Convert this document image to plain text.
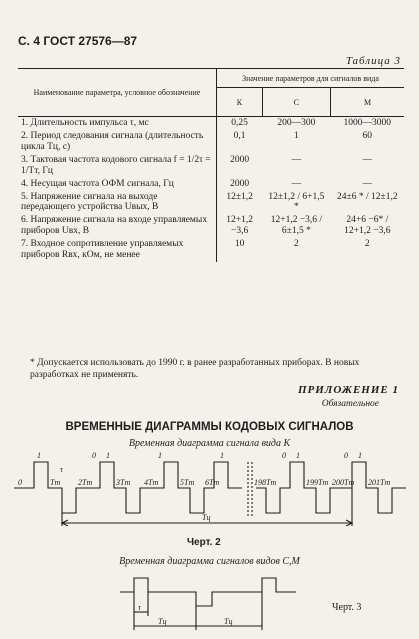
С. 4 ГОСТ 27576—87
Таблица 3
Наименование параметра, условное обозначение	Значение параметров для сигналов вида		
	К	С	М
1. Длительность импульса τ, мс	0,25	200—300	1000—3000
2. Период следования сигнала (длительность цикла Tц, с)	0,1	1	60
3. Тактовая частота кодового сигнала f = 1/2τ = 1/Tт, Гц	2000	—	—
4. Несущая частота ОФМ сигнала, Гц	2000	—	—
5. Напряжение сигнала на выходе передающего устройства Uвых, В	12±1,2	12±1,2 / 6+1,5 *	24±6 * / 12±1,2
6. Напряжение сигнала на входе управляемых приборов Uвх, В	12+1,2 −3,6	12+1,2 −3,6 / 6±1,5 *	24+6 −6* / 12+1,2 −3,6
7. Входное сопротивление управляемых приборов Rвх, кОм, не менее	10	2	2
* Допускается использовать до 1990 г. в ранее разработанных приборах. В новых разработках не применять.
ПРИЛОЖЕНИЕ 1
Обязательное
ВРЕМЕННЫЕ ДИАГРАММЫ КОДОВЫХ СИГНАЛОВ
Временная диаграмма сигнала вида К
1	0 1	1	1	0 1	0 1
0	Tт 2Tт	3Tт 4Tт	5Tт 6Tт	198Tт	199Tт 200Tт 201Tт
τ
Tц
Черт. 2
Временная диаграмма сигналов видов С,М
τ
Tц	Tц
Черт. 3
